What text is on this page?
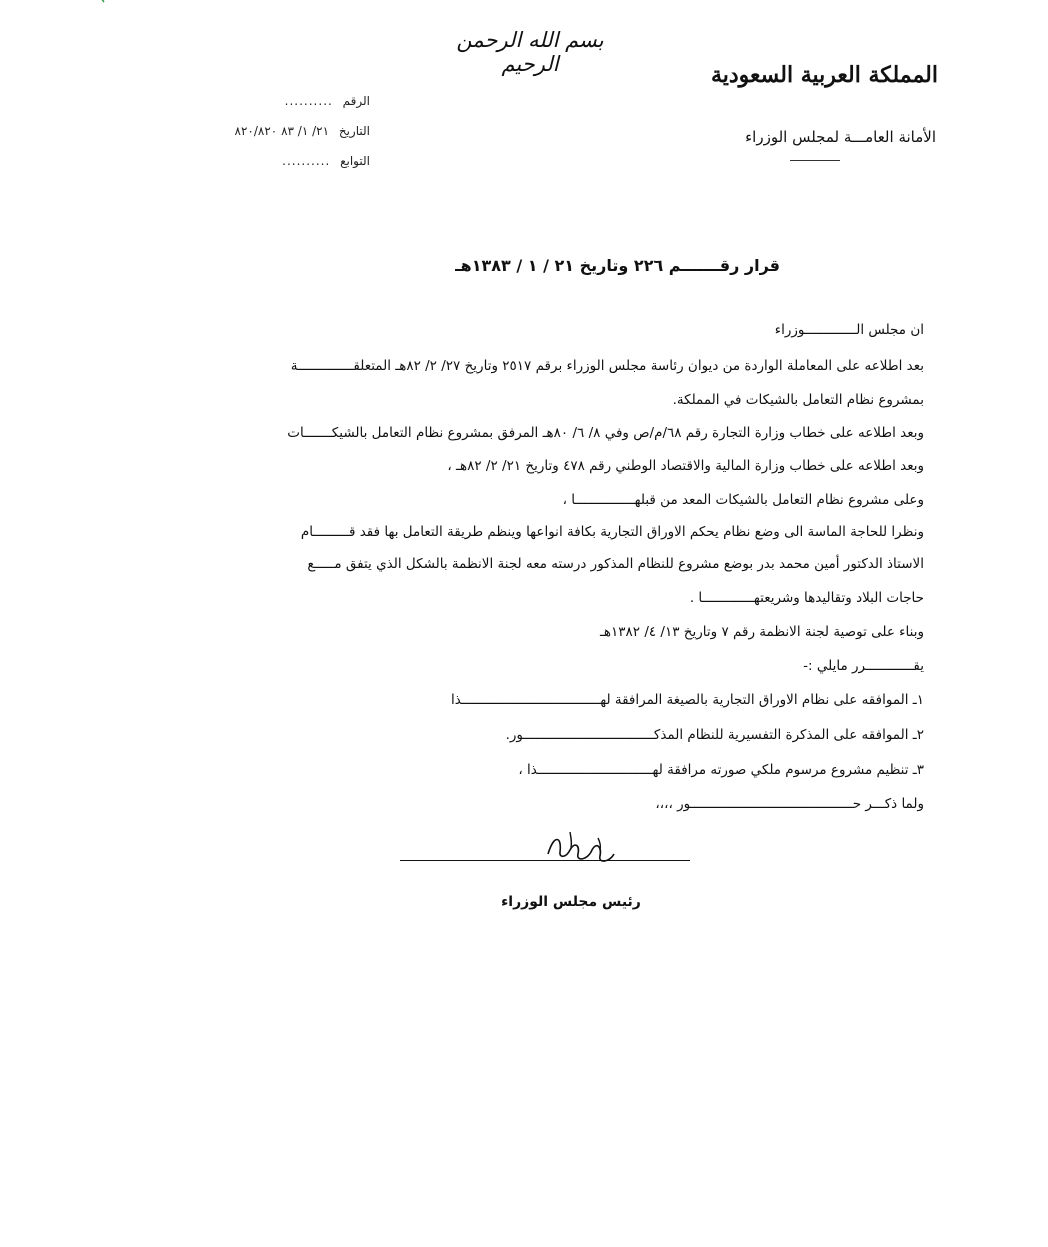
بسم الله الرحمن الرحيم	المملكة العربية السعودية
الأمانة العامـــة لمجلس الوزراء
الرقم ..........
التاريخ ٢١/ ١/ ٨٣ ٨٢٠/٨٢٠
التوابع ..........
قرار رقـــــــم ٢٢٦ وتاريخ ٢١ / ١ / ١٣٨٣هـ
ان مجلس الـــــــــــــوزراء
بعد اطلاعه على المعاملة الواردة من ديوان رئاسة مجلس الوزراء برقم ٢٥١٧ وتاريخ ٢٧/ ٢/ ٨٢هـ المتعلقــــــــــــــة
بمشروع نظام التعامل بالشيكات في المملكة.
وبعد اطلاعه على خطاب وزارة التجارة رقم ٦٨/م/ص وفي ٨/ ٦/ ٨٠هـ المرفق بمشروع نظام التعامل بالشيكـــــــات
وبعد اطلاعه على خطاب وزارة المالية والاقتصاد الوطني رقم ٤٧٨ وتاريخ ٢١/ ٢/ ٨٢هـ ،
وعلى مشروع نظام التعامل بالشيكات المعد من قبلهـــــــــــــــا ،
ونظرا للحاجة الماسة الى وضع نظام يحكم الاوراق التجارية بكافة انواعها وينظم طريقة التعامل بها فقد قـــــــــام
الاستاذ الدكتور أمين محمد بدر بوضع مشروع للنظام المذكور درسته معه لجنة الانظمة بالشكل الذي يتفق مـــــع
حاجات البلاد وتقاليدها وشريعتهـــــــــــــا .
وبناء على توصية لجنة الانظمة رقم ٧ وتاريخ ١٣/ ٤/ ١٣٨٢هـ
يقــــــــــــرر مايلي :-
١ـ الموافقه على نظام الاوراق التجارية بالصيغة المرافقة لهـــــــــــــــــــــــــــــــــــذا
٢ـ الموافقه على المذكرة التفسيرية للنظام المذكـــــــــــــــــــــــــــــــــور.
٣ـ تنظيم مشروع مرسوم ملكي صورته مرافقة لهـــــــــــــــــــــــــــــذا ،
ولما ذكـــر حـــــــــــــــــــــــــــــــــــــــــور ،،،،
رئيس مجلس الوزراء
